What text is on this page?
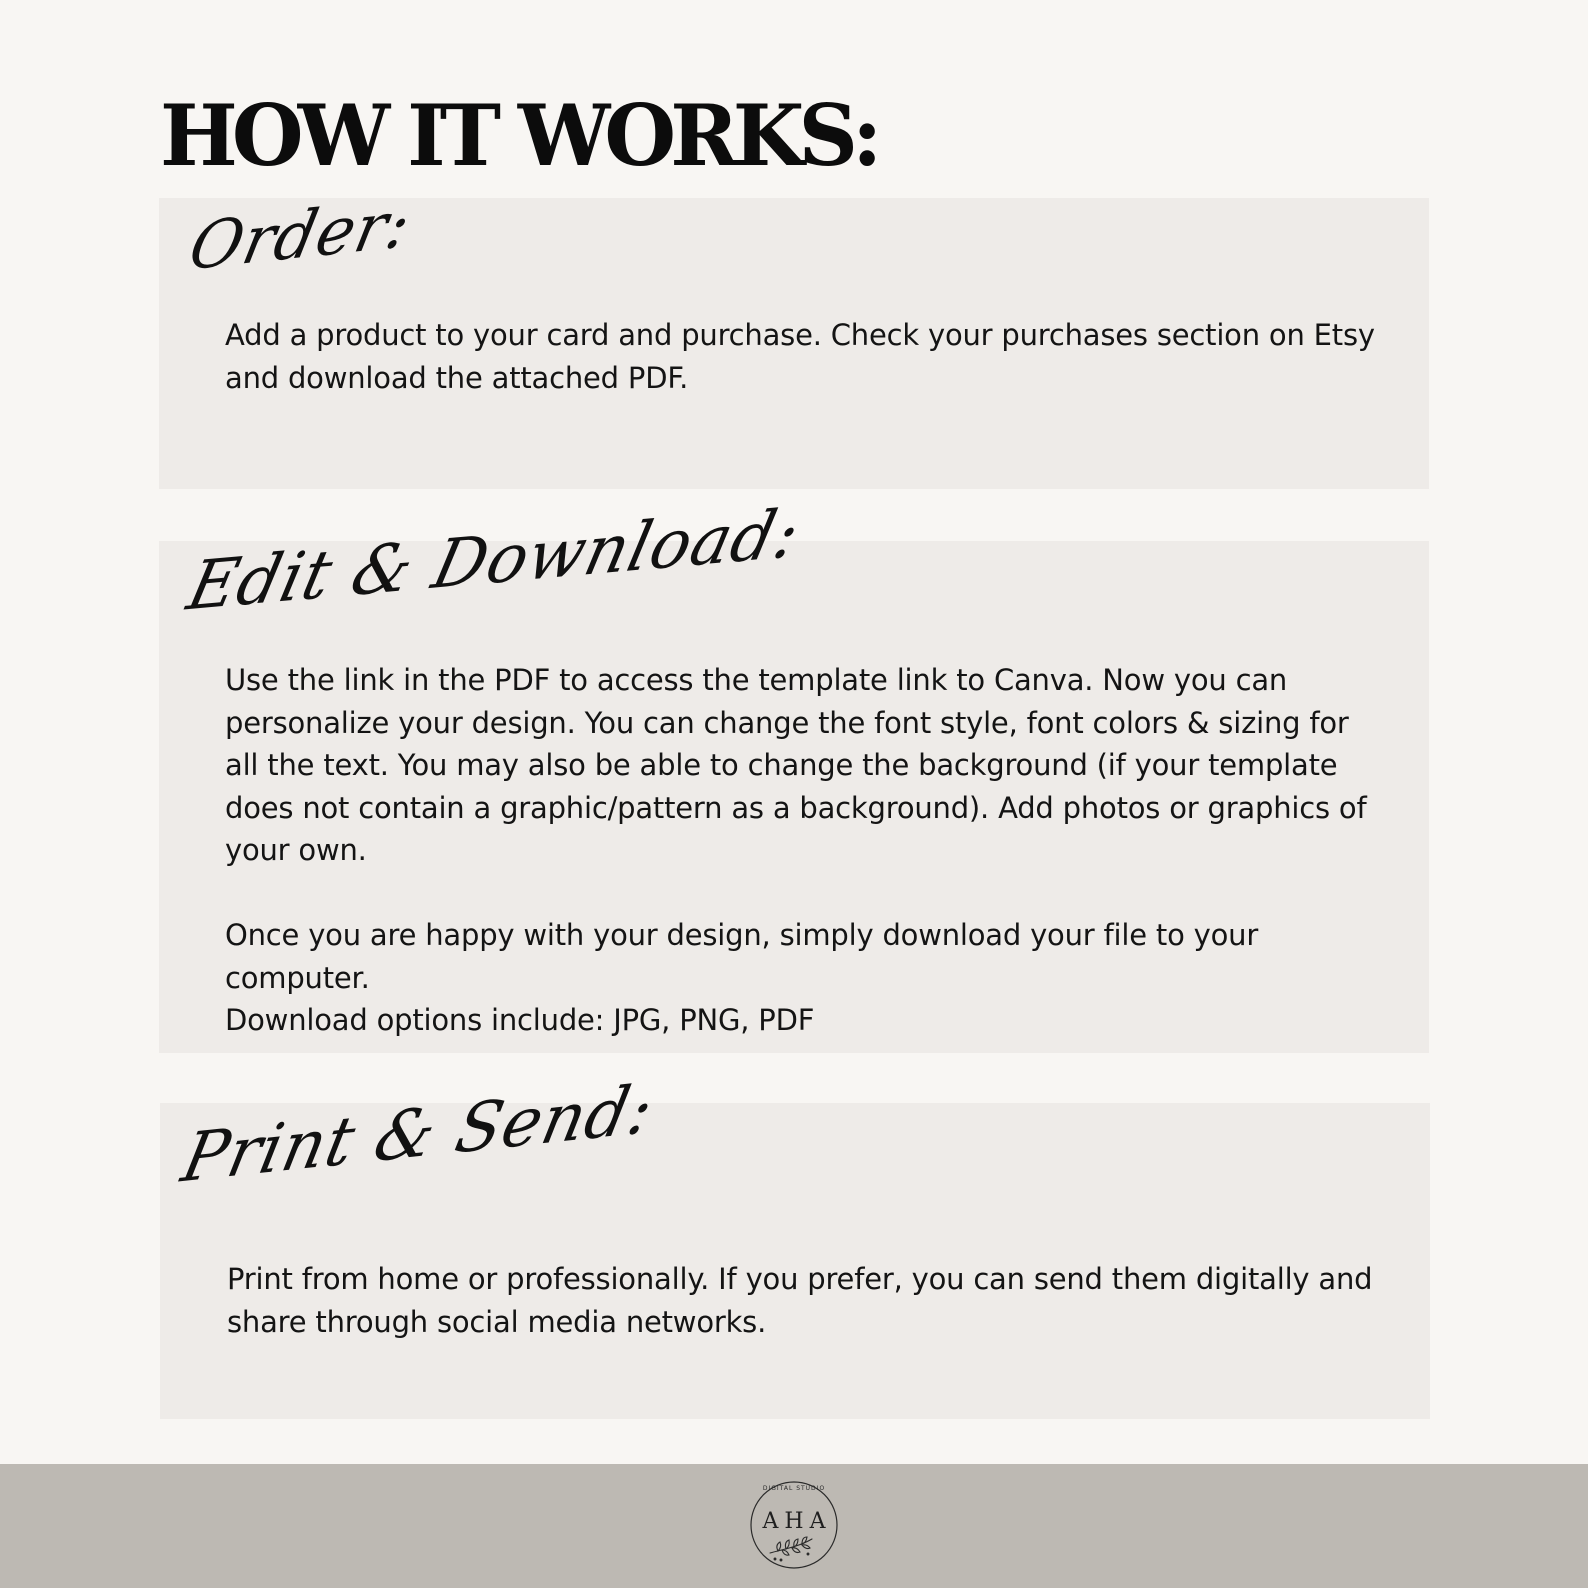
HOW IT WORKS:
Order:

Add a product to your card and purchase. Check your purchases section on Etsy and download the attached PDF.

Edit & Download:

Use the link in the PDF to access the template link to Canva. Now you can personalize your design. You can change the font style, font colors & sizing for all the text. You may also be able to change the background (if your template does not contain a graphic/pattern as a background). Add photos or graphics of your own.

Once you are happy with your design, simply download your file to your computer.

Download options include: JPG, PNG, PDF

Print & Send:

Print from home or professionally. If you prefer, you can send them digitally and share through social media networks.

DIGITAL STUDIO
AHA
